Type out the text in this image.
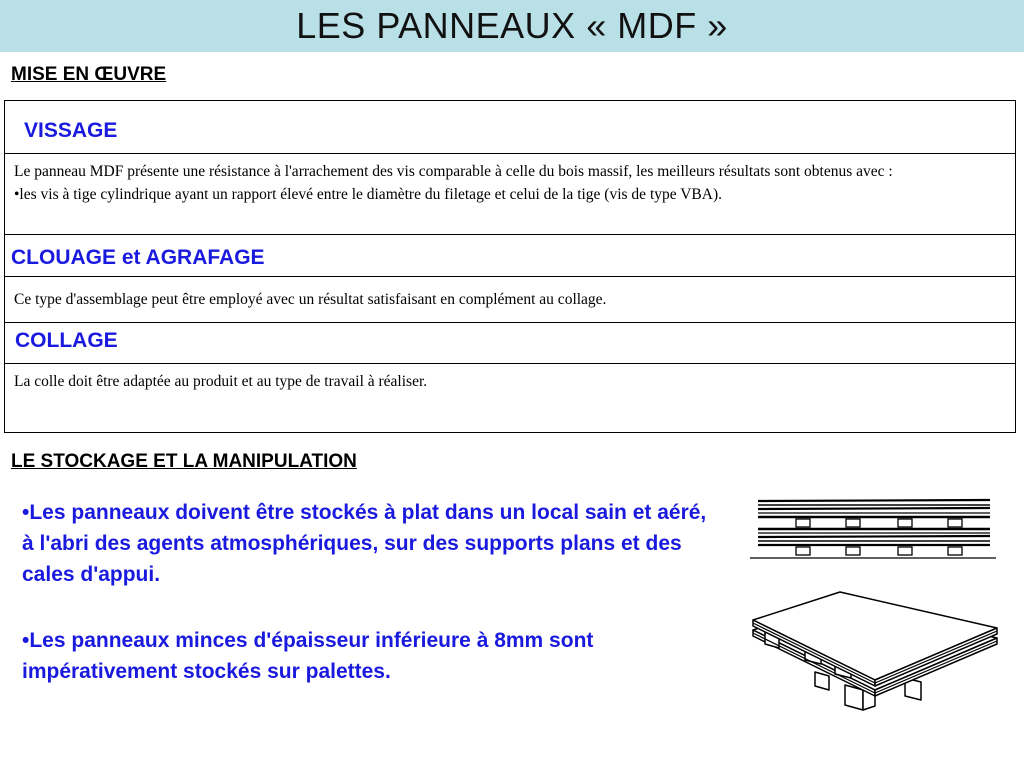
LES PANNEAUX « MDF »
MISE EN ŒUVRE
VISSAGE
Le panneau MDF présente une résistance à l'arrachement des vis comparable à celle du bois massif, les meilleurs résultats sont obtenus avec :
•les vis à tige cylindrique ayant un rapport élevé entre le diamètre du filetage et celui de la tige (vis de type VBA).
CLOUAGE et AGRAFAGE
Ce type d'assemblage peut être employé avec un résultat satisfaisant en complément au collage.
COLLAGE
La colle doit être adaptée au produit et au type de travail à réaliser.
LE STOCKAGE ET LA MANIPULATION
•Les panneaux doivent être stockés à plat dans un local sain et aéré, à l'abri des agents atmosphériques, sur des supports plans et des cales d'appui.
•Les panneaux minces d'épaisseur inférieure à 8mm sont impérativement stockés sur palettes.
